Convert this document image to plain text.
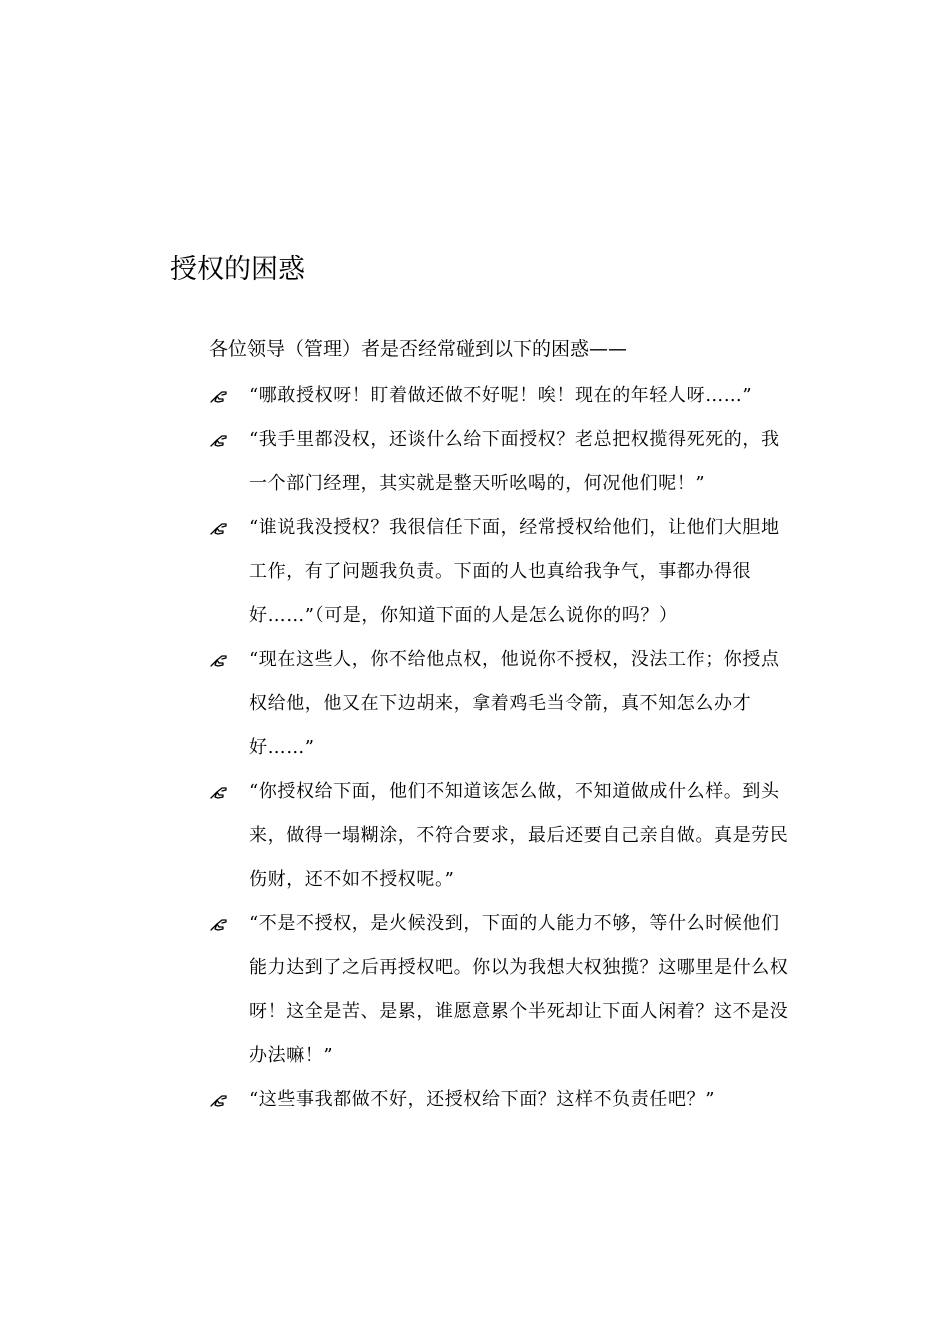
授权的困惑

各位领导（管理）者是否经常碰到以下的困惑——

“哪敢授权呀！盯着做还做不好呢！唉！现在的年轻人呀……”
“我手里都没权，还谈什么给下面授权？老总把权揽得死死的，我一个部门经理，其实就是整天听吆喝的，何况他们呢！”
“谁说我没授权？我很信任下面，经常授权给他们，让他们大胆地工作，有了问题我负责。下面的人也真给我争气，事都办得很好……”（可是，你知道下面的人是怎么说你的吗？）
“现在这些人，你不给他点权，他说你不授权，没法工作；你授点权给他，他又在下边胡来，拿着鸡毛当令箭，真不知怎么办才好……”
“你授权给下面，他们不知道该怎么做，不知道做成什么样。到头来，做得一塌糊涂，不符合要求，最后还要自己亲自做。真是劳民伤财，还不如不授权呢。”
“不是不授权，是火候没到，下面的人能力不够，等什么时候他们能力达到了之后再授权吧。你以为我想大权独揽？这哪里是什么权呀！这全是苦、是累，谁愿意累个半死却让下面人闲着？这不是没办法嘛！”
“这些事我都做不好，还授权给下面？这样不负责任吧？”
